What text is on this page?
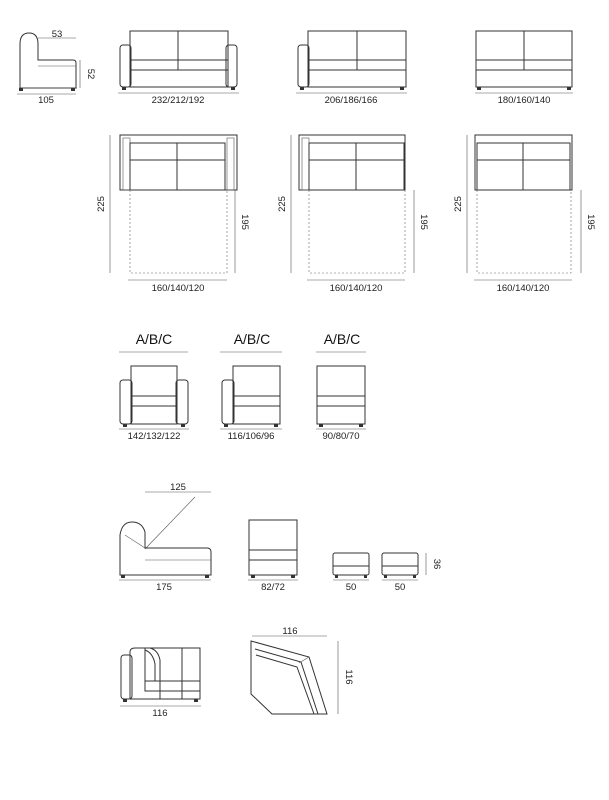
53
52
105	232/212/192	206/186/166	180/160/140
225
195
160/140/120
225
195
160/140/120
225
195
160/140/120
A/B/C
142/132/122
A/B/C
116/106/96
A/B/C
90/80/70
125
175	82/72	50	50
36
116
116
116
